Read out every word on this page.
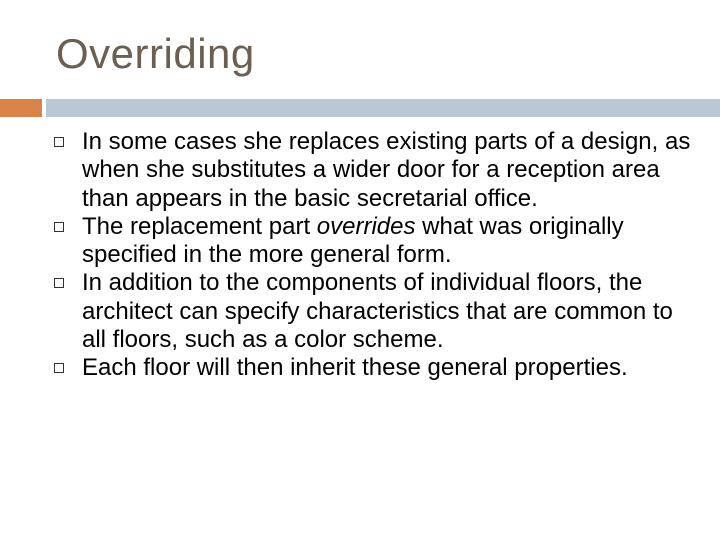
Overriding
In some cases she replaces existing parts of a design, as when she substitutes a wider door for a reception area than appears in the basic secretarial office.
The replacement part overrides what was originally specified in the more general form.
In addition to the components of individual floors, the architect can specify characteristics that are common to all floors, such as a color scheme.
Each floor will then inherit these general properties.
